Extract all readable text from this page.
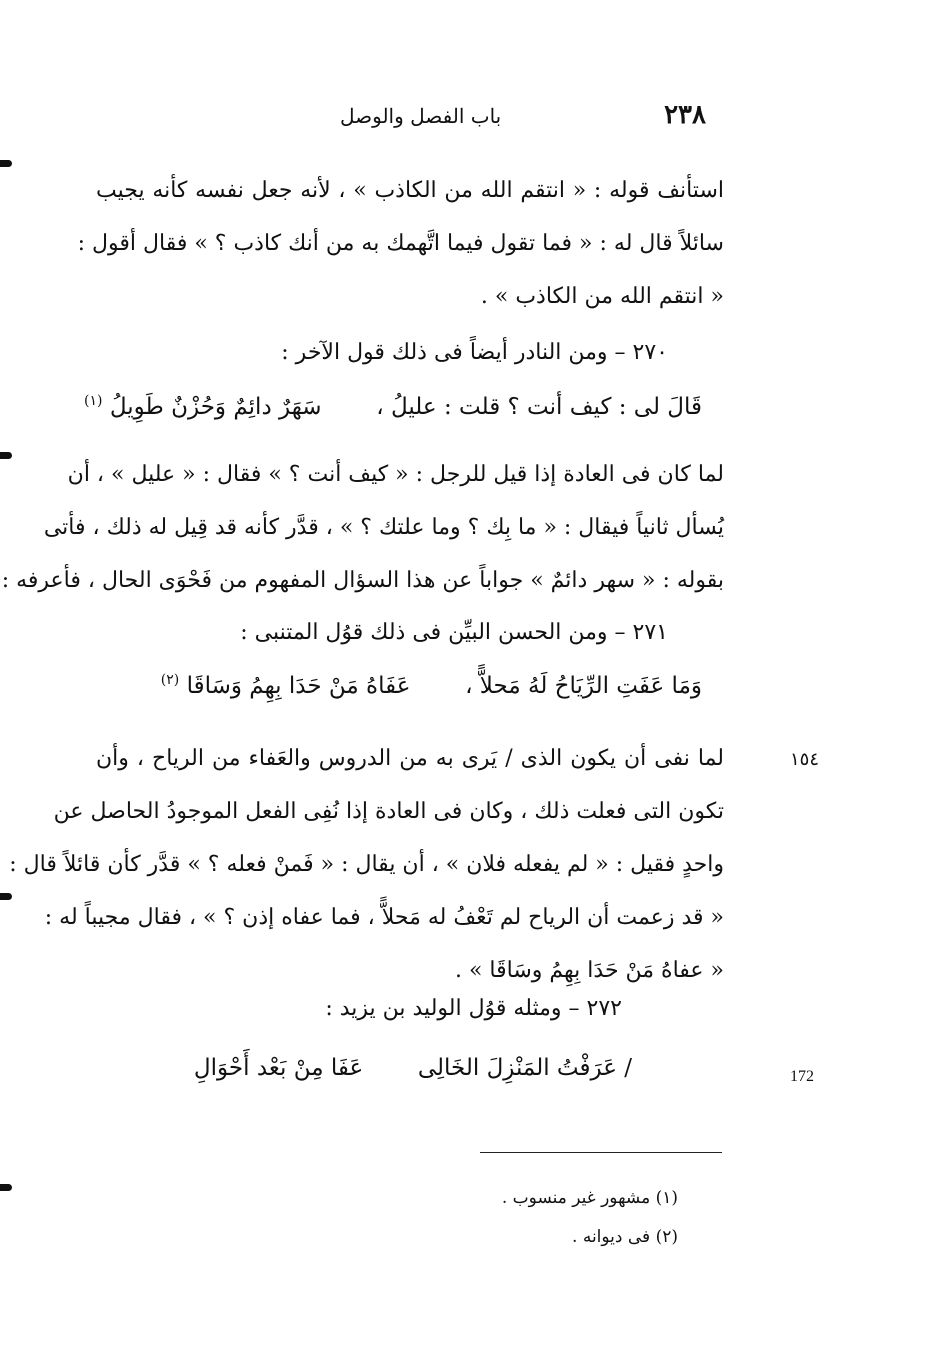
٢٣٨
باب الفصل والوصل
استأنف قوله : « انتقم الله من الكاذب » ، لأنه جعل نفسه كأنه يجيب
سائلاً قال له : « فما تقول فيما اتَّهمك به من أنك كاذب ؟ » فقال أقول :
« انتقم الله من الكاذب » .
٢٧٠ – ومن النادر أيضاً فى ذلك قول الآخر :
قَالَ لى : كيف أنت ؟ قلت : عليلُ ،  سَهَرٌ دائِمٌ وَحُزْنٌ طَوِيلُ $^{(١)}$
لما كان فى العادة إذا قيل للرجل : « كيف أنت ؟ » فقال : « عليل » ، أن
يُسأل ثانياً فيقال : « ما بِك ؟ وما علتك ؟ » ، قدَّر كأنه قد قِيل له ذلك ، فأتى
بقوله : « سهر دائمٌ » جواباً عن هذا السؤال المفهوم من فَحْوَى الحال ، فأعرفه :
٢٧١ – ومن الحسن البيِّن فى ذلك قوُل المتنبى :
وَمَا عَفَتِ الرِّيَاحُ لَهُ مَحلاًّ ،  عَفَاهُ مَنْ حَدَا بِهِمُ وَسَاقَا $^{(٢)}$
لما نفى أن يكون الذى / يَرى به من الدروس والعَفاء من الرياح ، وأن
تكون التى فعلت ذلك ، وكان فى العادة إذا نُفِى الفعل الموجودُ الحاصل عن
واحدٍ فقيل : « لم يفعله فلان » ، أن يقال : « فَمنْ فعله ؟ » قدَّر كأن قائلاً قال :
« قد زعمت أن الرياح لم تَعْفُ له مَحلاًّ ، فما عفاه إذن ؟ » ، فقال مجيباً له :
« عفاهُ مَنْ حَدَا بِهِمُ وسَاقَا » .
١٥٤
٢٧٢ – ومثله قوُل الوليد بن يزيد :
/ عَرَفْتُ المَنْزِلَ الخَالِى  عَفَا مِنْ بَعْد أَحْوَالِ	172
(١) مشهور غير منسوب .
(٢) فى ديوانه .
